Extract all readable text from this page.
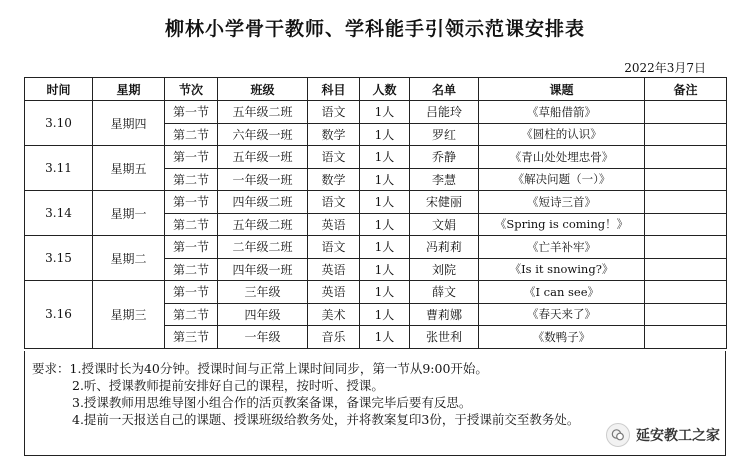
柳林小学骨干教师、学科能手引领示范课安排表
2022年3月7日
时间	星期	节次	班级	科目	人数	名单	课题	备注
3.10	星期四	第一节	五年级二班	语文	1人	吕能玲	《草船借箭》	
		第二节	六年级一班	数学	1人	罗红	《圆柱的认识》	
3.11	星期五	第一节	五年级一班	语文	1人	乔静	《青山处处埋忠骨》	
		第二节	一年级一班	数学	1人	李慧	《解决问题（一）》	
3.14	星期一	第一节	四年级二班	语文	1人	宋健丽	《短诗三首》	
		第二节	五年级二班	英语	1人	文娟	《Spring is coming！》	
3.15	星期二	第一节	二年级二班	语文	1人	冯莉莉	《亡羊补牢》	
		第二节	四年级一班	英语	1人	刘院	《Is it snowing?》	
3.16	星期三	第一节	三年级	英语	1人	薛文	《I can see》	
		第二节	四年级	美术	1人	曹莉娜	《春天来了》	
		第三节	一年级	音乐	1人	张世利	《数鸭子》	
要求：1.授课时长为40分钟。授课时间与正常上课时间同步，第一节从9:00开始。
2.听、授课教师提前安排好自己的课程，按时听、授课。
3.授课教师用思维导图小组合作的活页教案备课，备课完毕后要有反思。
4.提前一天报送自己的课题、授课班级给教务处，并将教案复印3份，于授课前交至教务处。
延安教工之家
